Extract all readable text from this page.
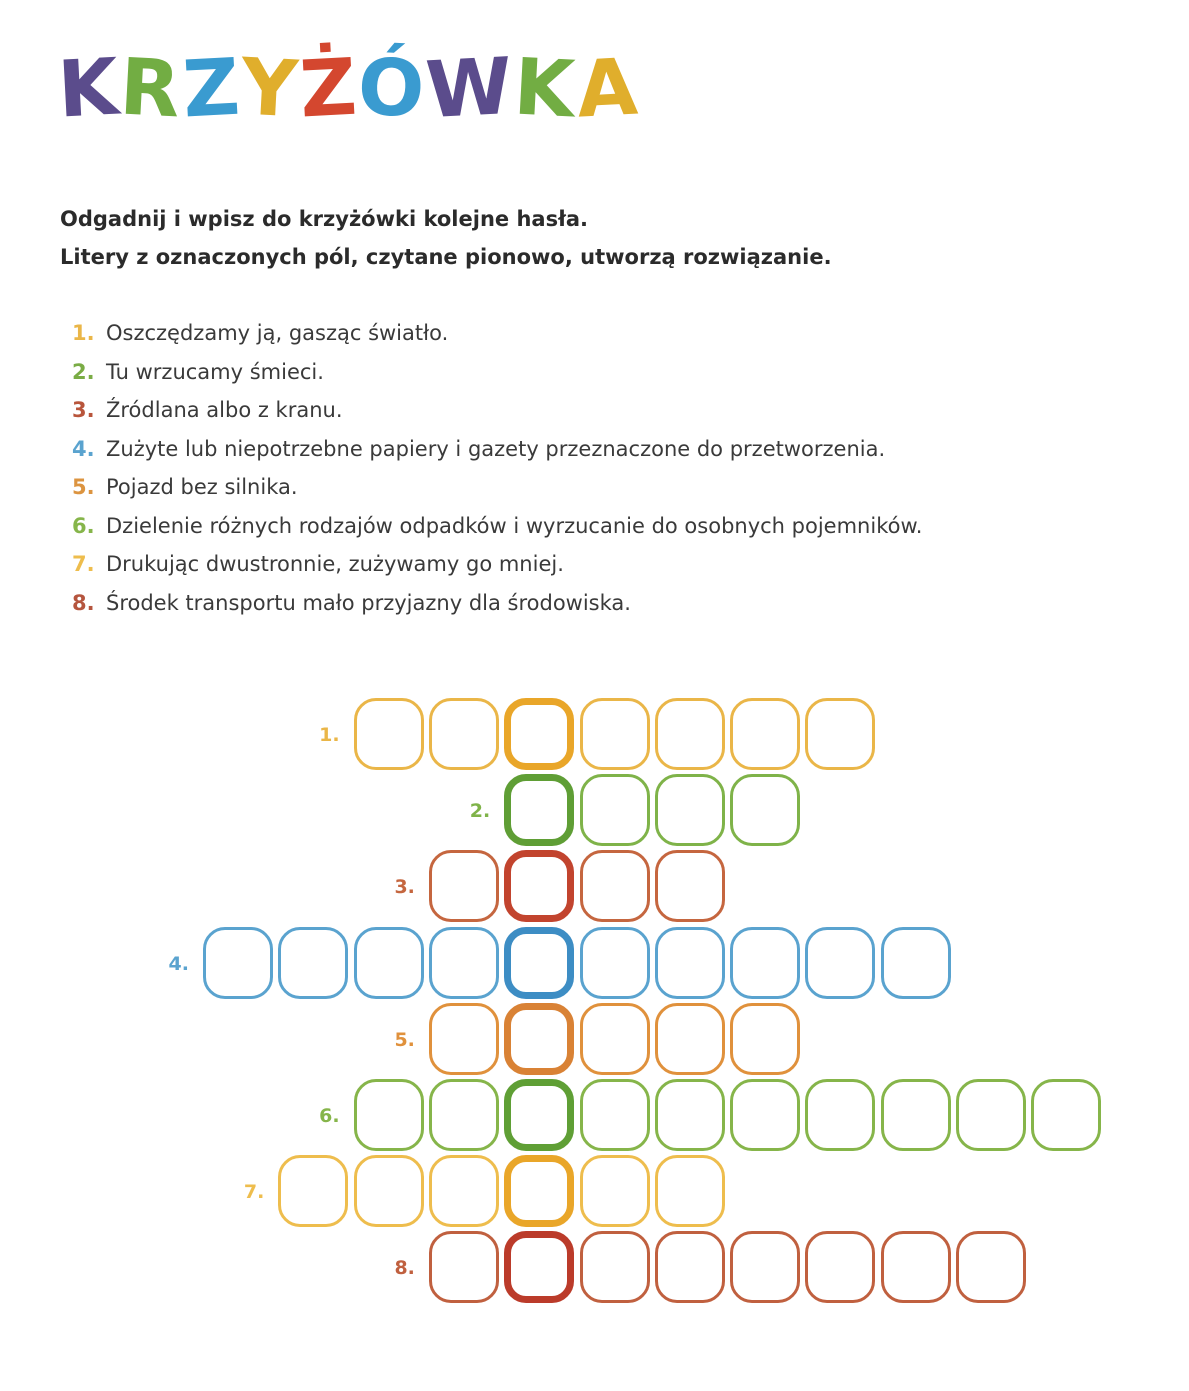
KRZYŻÓWKA
Odgadnij i wpisz do krzyżówki kolejne hasła.
Litery z oznaczonych pól, czytane pionowo, utworzą rozwiązanie.
1. Oszczędzamy ją, gasząc światło.
2. Tu wrzucamy śmieci.
3. Źródlana albo z kranu.
4. Zużyte lub niepotrzebne papiery i gazety przeznaczone do przetworzenia.
5. Pojazd bez silnika.
6. Dzielenie różnych rodzajów odpadków i wyrzucanie do osobnych pojemników.
7. Drukując dwustronnie, zużywamy go mniej.
8. Środek transportu mało przyjazny dla środowiska.
1.
2.
3.
4.
5.
6.
7.
8.
